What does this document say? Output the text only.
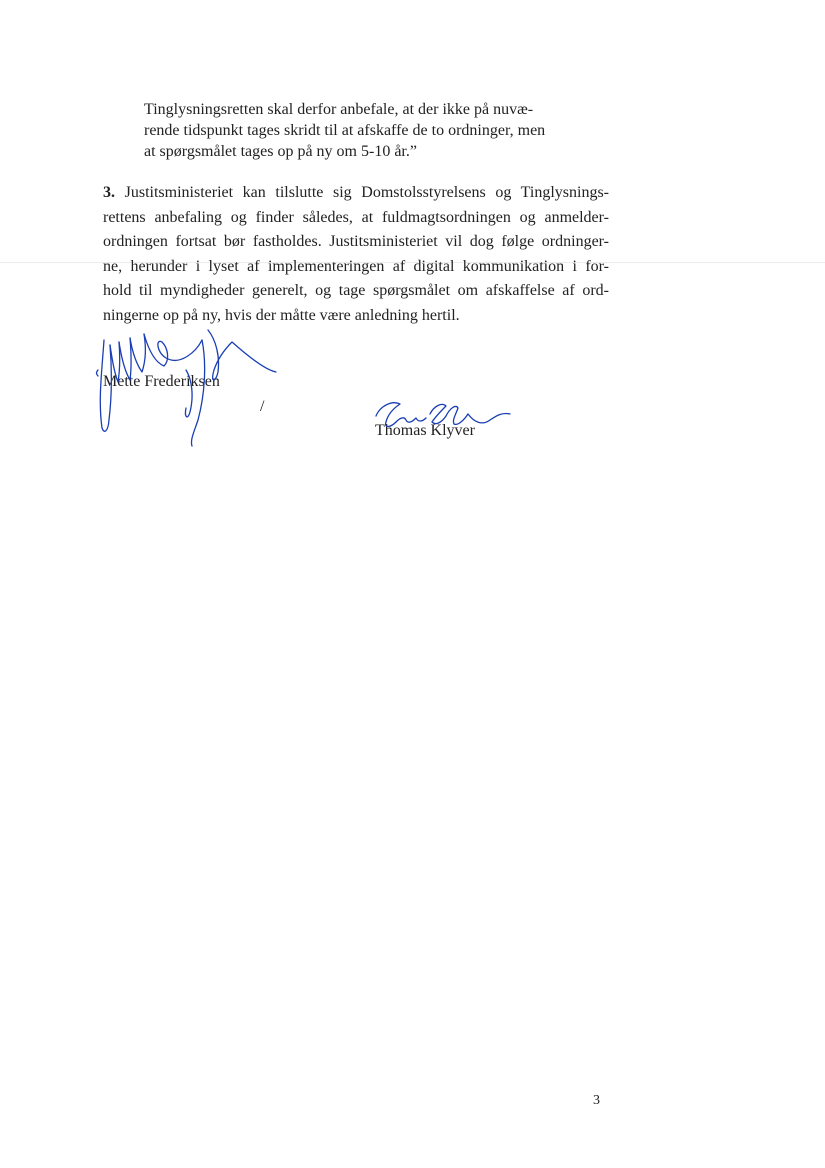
Tinglysningsretten skal derfor anbefale, at der ikke på nuvæ-
rende tidspunkt tages skridt til at afskaffe de to ordninger, men
at spørgsmålet tages op på ny om 5-10 år.”
3. Justitsministeriet kan tilslutte sig Domstolsstyrelsens og Tinglysnings-
rettens anbefaling og finder således, at fuldmagtsordningen og anmelder-
ordningen fortsat bør fastholdes. Justitsministeriet vil dog følge ordninger-
ne, herunder i lyset af implementeringen af digital kommunikation i for-
hold til myndigheder generelt, og tage spørgsmålet om afskaffelse af ord-
ningerne op på ny, hvis der måtte være anledning hertil.
Mette Frederiksen
/
Thomas Klyver
3
